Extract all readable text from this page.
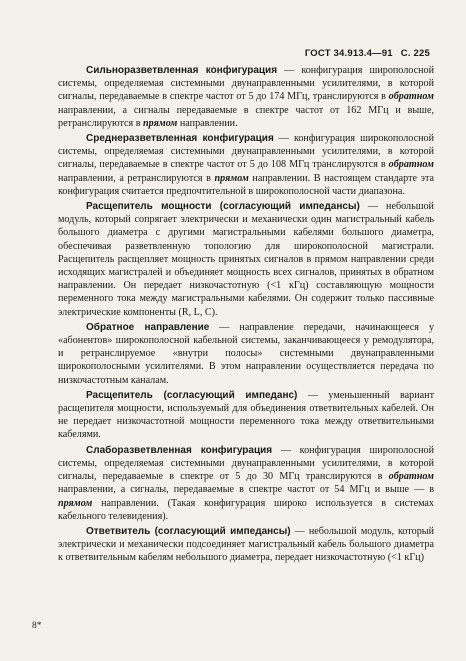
ГОСТ 34.913.4—91 С. 225

Сильноразветвленная конфигурация — конфигурация широполосной системы, определяемая системными двунаправленными усилителями, в которой сигналы, передаваемые в спектре частот от 5 до 174 МГц, транслируются в обратном направлении, а сигналы передаваемые в спектре частот от 162 МГц и выше, ретранслируются в прямом направлении.

Среднеразветвленная конфигурация — конфигурация широкополосной системы, определяемая системными двунаправленными усилителями, в которой сигналы, передаваемые в спектре частот от 5 до 108 МГц транслируются в обратном направлении, а ретранслируются в прямом направлении. В настоящем стандарте эта конфигурация считается предпочтительной в широкополосной части диапазона.

Расщепитель мощности (согласующий импедансы) — небольшой модуль, который сопрягает электрически и механически один магистральный кабель большого диаметра с другими магистральными кабелями большого диаметра, обеспечивая разветвленную топологию для широкополосной магистрали. Расщепитель расщепляет мощность принятых сигналов в прямом направлении среди исходящих магистралей и объединяет мощность всех сигналов, принятых в обратном направлении. Он передает низкочастотную (<1 кГц) составляющую мощности переменного тока между магистральными кабелями. Он содержит только пассивные электрические компоненты (R, L, C).

Обратное направление — направление передачи, начинающееся у «абонентов» широкополосной кабельной системы, заканчивающееся у ремодулятора, и ретранслируемое «внутри полосы» системными двунаправленными широкополосными усилителями. В этом направлении осуществляется передача по низкочастотным каналам.

Расщепитель (согласующий импеданс) — уменьшенный вариант расщепителя мощности, используемый для объединения ответвительных кабелей. Он не передает низкочастотной мощности переменного тока между ответвительными кабелями.

Слаборазветвленная конфигурация — конфигурация широполосной системы, определяемая системными двунаправленными усилителями, в которой сигналы, передаваемые в спектре от 5 до 30 МГц транслируются в обратном направлении, а сигналы, передаваемые в спектре частот от 54 МГц и выше — в прямом направлении. (Такая конфигурация широко используется в системах кабельного телевидения).

Ответвитель (согласующий импедансы) — небольшой модуль, который электрически и механически подсоединяет магистральный кабель большого диаметра к ответвительным кабелям небольшого диаметра, передает низкочастотную (<1 кГц)

8*
